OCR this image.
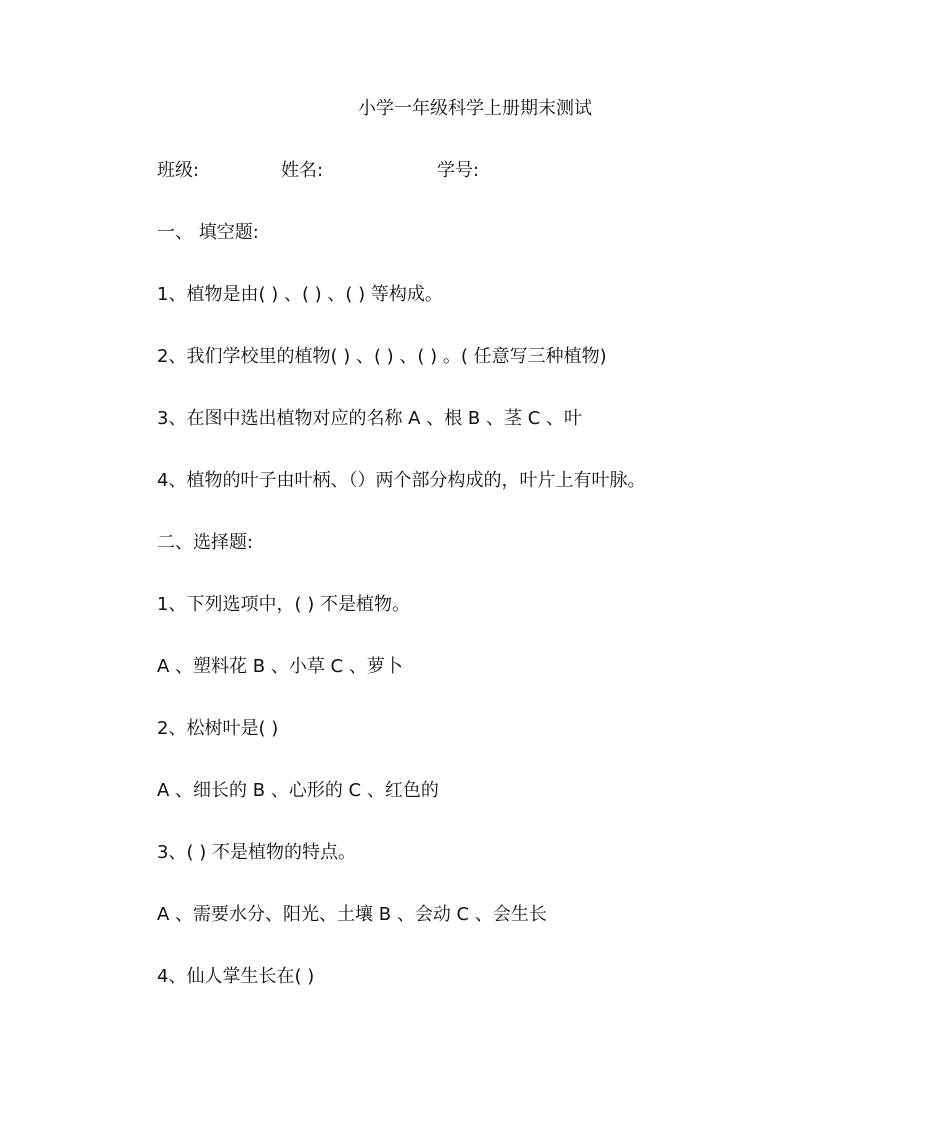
小学一年级科学上册期末测试
班级:	姓名:	学号:
一、 填空题:
1、植物是由( ) 、( ) 、( ) 等构成。
2、我们学校里的植物( ) 、( ) 、( ) 。( 任意写三种植物)
3、在图中选出植物对应的名称 A 、根 B 、茎 C 、叶
4、植物的叶子由叶柄、（）两个部分构成的，叶片上有叶脉。
二、选择题:
1、下列选项中，( ) 不是植物。
A 、塑料花 B 、小草 C 、萝卜
2、松树叶是( )
A 、细长的 B 、心形的 C 、红色的
3、( ) 不是植物的特点。
A 、需要水分、阳光、土壤 B 、会动 C 、会生长
4、仙人掌生长在( )
